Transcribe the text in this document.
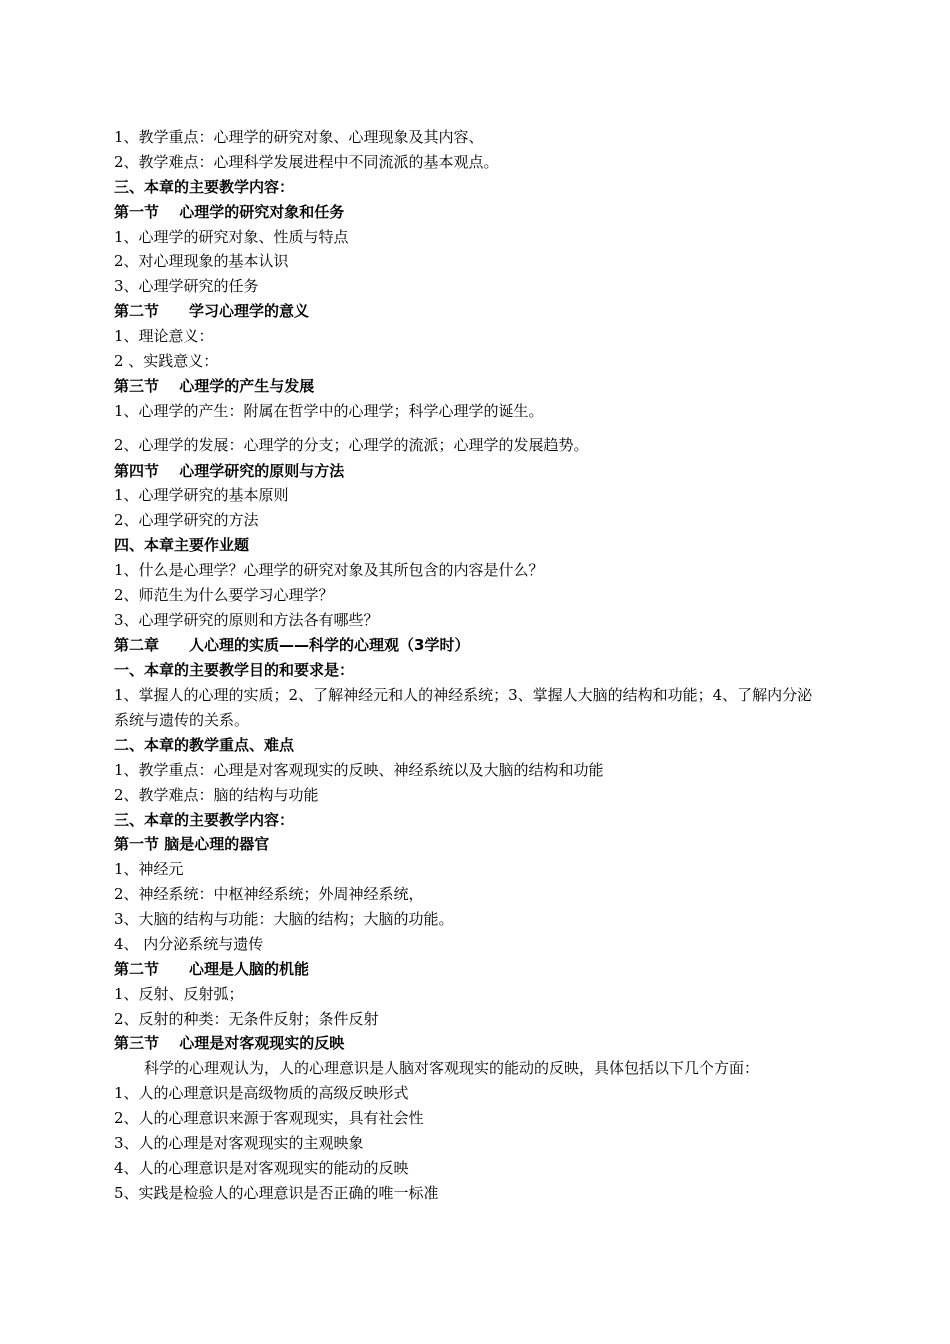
1、教学重点：心理学的研究对象、心理现象及其内容、
2、教学难点：心理科学发展进程中不同流派的基本观点。
三、本章的主要教学内容：
第一节　 心理学的研究对象和任务
1、心理学的研究对象、性质与特点
2、对心理现象的基本认识
3、心理学研究的任务
第二节　　学习心理学的意义
1、理论意义：
2 、实践意义：
第三节　 心理学的产生与发展
1、心理学的产生：附属在哲学中的心理学；科学心理学的诞生。
2、心理学的发展：心理学的分支；心理学的流派；心理学的发展趋势。
第四节　 心理学研究的原则与方法
1、心理学研究的基本原则
2、心理学研究的方法
四、本章主要作业题
1、什么是心理学？心理学的研究对象及其所包含的内容是什么？
2、师范生为什么要学习心理学？
3、心理学研究的原则和方法各有哪些？
第二章　　人心理的实质——科学的心理观（3学时）
一、本章的主要教学目的和要求是：
1、掌握人的心理的实质；2、了解神经元和人的神经系统；3、掌握人大脑的结构和功能；4、了解内分泌
系统与遗传的关系。
二、本章的教学重点、难点
1、教学重点：心理是对客观现实的反映、神经系统以及大脑的结构和功能
2、教学难点：脑的结构与功能
三、本章的主要教学内容：
第一节 脑是心理的器官
1、神经元
2、神经系统：中枢神经系统；外周神经系统，
3、大脑的结构与功能：大脑的结构；大脑的功能。
4、 内分泌系统与遗传
第二节　　心理是人脑的机能
1、反射、反射弧；
2、反射的种类：无条件反射；条件反射
第三节　 心理是对客观现实的反映
　　科学的心理观认为，人的心理意识是人脑对客观现实的能动的反映，具体包括以下几个方面：
1、人的心理意识是高级物质的高级反映形式
2、人的心理意识来源于客观现实，具有社会性
3、人的心理是对客观现实的主观映象
4、人的心理意识是对客观现实的能动的反映
5、实践是检验人的心理意识是否正确的唯一标准
